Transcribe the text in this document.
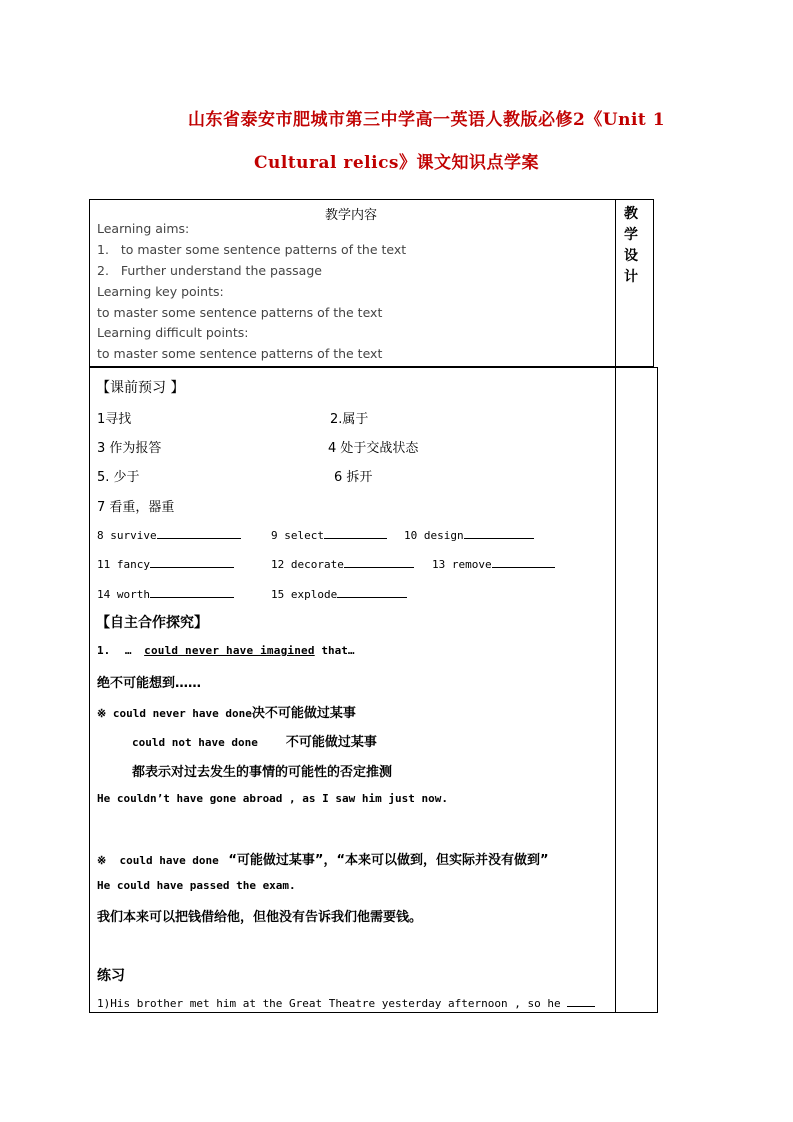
山东省泰安市肥城市第三中学高一英语人教版必修2《Unit 1
Cultural relics》课文知识点学案
教学内容	教
学
设
计
Learning aims:
1.   to master some sentence patterns of the text
2.   Further understand the passage
Learning key points:
to master some sentence patterns of the text
Learning difficult points:
to master some sentence patterns of the text
【课前预习 】
1寻找	2.属于
3 作为报答	4 处于交战状态
5. 少于	6 拆开
7 看重，器重
8 survive	9 select	10 design
11 fancy	12 decorate	13 remove
14 worth	15 explode
【自主合作探究】
1. … could never have imagined that…
绝不可能想到……
※ could never have done决不可能做过某事
could not have done 不可能做过某事
都表示对过去发生的事情的可能性的否定推测
He couldn’t have gone abroad , as I saw him just now.
※  could have done “可能做过某事”，“本来可以做到，但实际并没有做到”
He could have passed the exam.
我们本来可以把钱借给他，但他没有告诉我们他需要钱。
练习
1)His brother met him at the Great Theatre yesterday afternoon , so he
